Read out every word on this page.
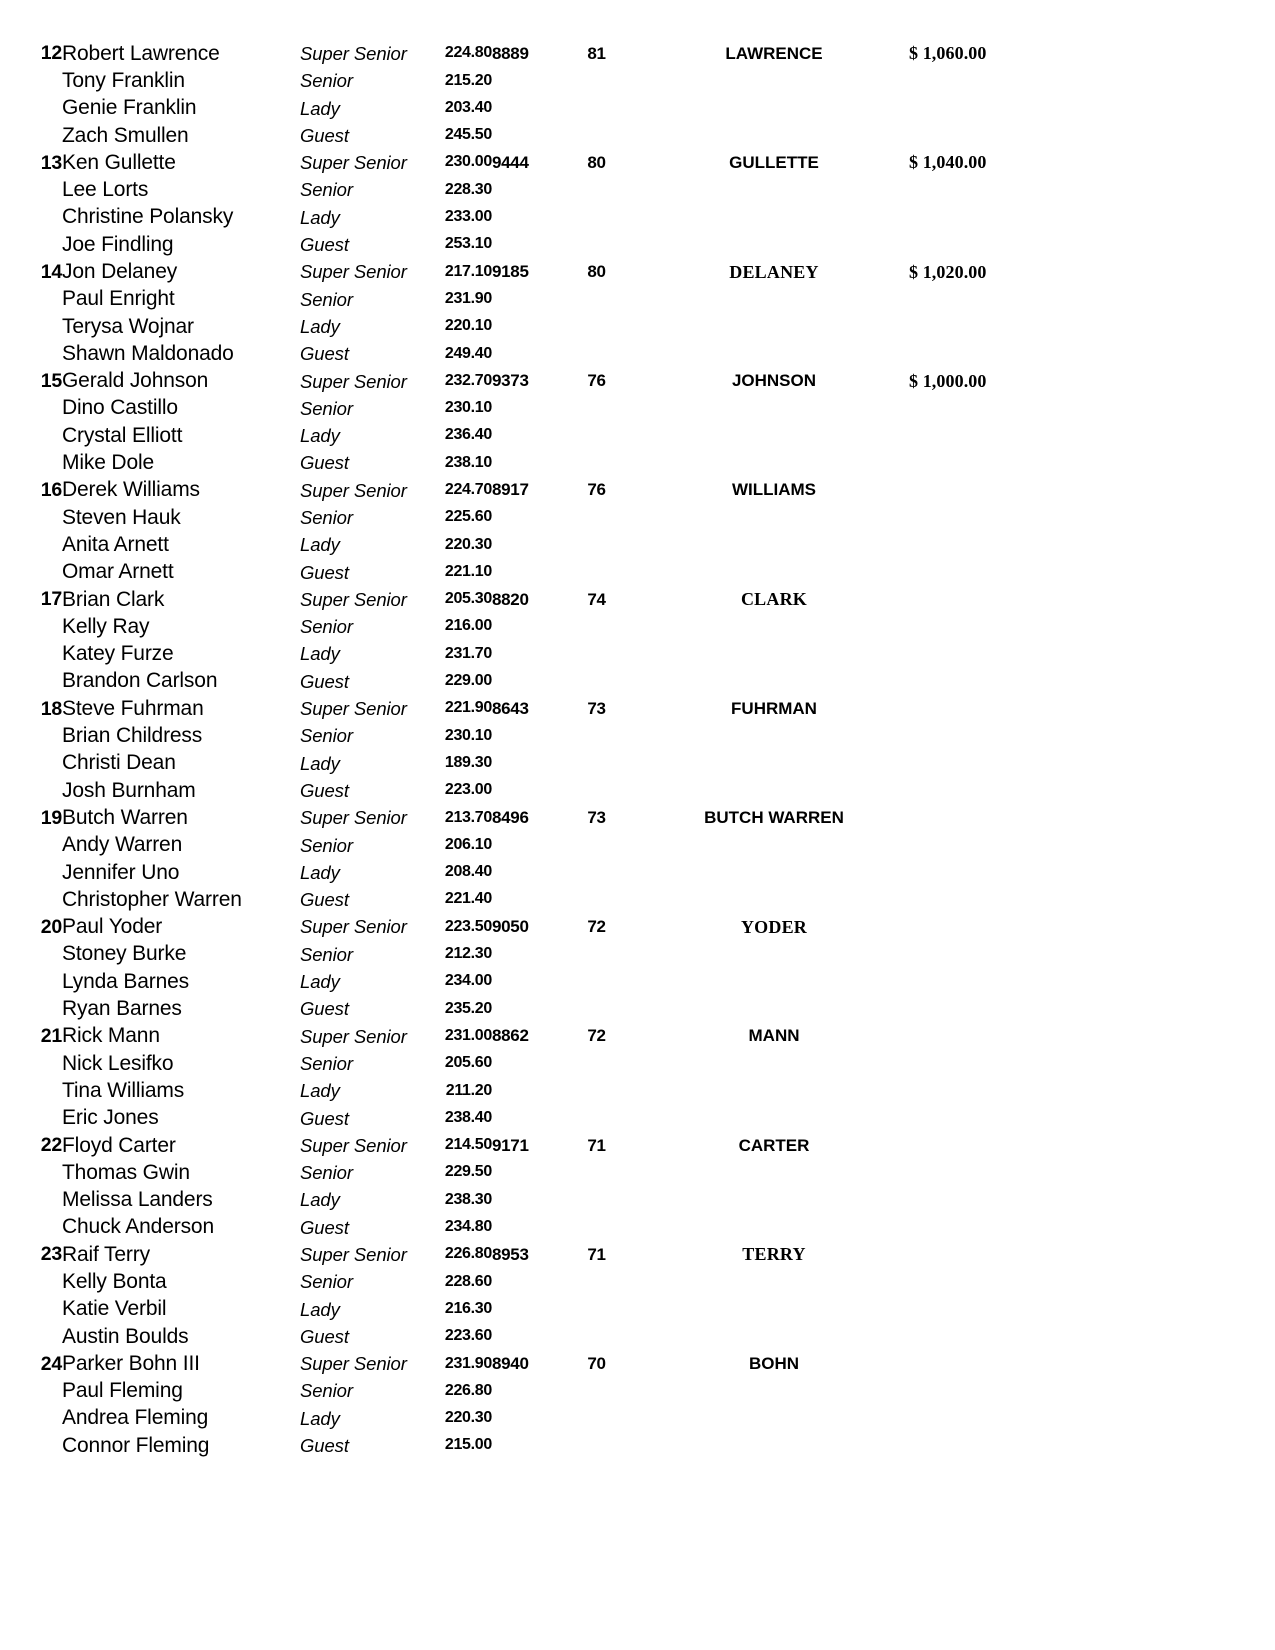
12	Robert Lawrence	Super Senior	224.80	8889	81	LAWRENCE	$ 1,060.00	
	Tony Franklin	Senior	215.20					
	Genie Franklin	Lady	203.40					
	Zach Smullen	Guest	245.50					
13	Ken Gullette	Super Senior	230.00	9444	80	GULLETTE	$ 1,040.00	
	Lee Lorts	Senior	228.30					
	Christine Polansky	Lady	233.00					
	Joe Findling	Guest	253.10					
14	Jon Delaney	Super Senior	217.10	9185	80	DELANEY	$ 1,020.00	
	Paul Enright	Senior	231.90					
	Terysa Wojnar	Lady	220.10					
	Shawn Maldonado	Guest	249.40					
15	Gerald Johnson	Super Senior	232.70	9373	76	JOHNSON	$ 1,000.00	
	Dino Castillo	Senior	230.10					
	Crystal Elliott	Lady	236.40					
	Mike Dole	Guest	238.10					
16	Derek Williams	Super Senior	224.70	8917	76	WILLIAMS		
	Steven Hauk	Senior	225.60					
	Anita Arnett	Lady	220.30					
	Omar Arnett	Guest	221.10					
17	Brian Clark	Super Senior	205.30	8820	74	CLARK		
	Kelly Ray	Senior	216.00					
	Katey Furze	Lady	231.70					
	Brandon Carlson	Guest	229.00					
18	Steve Fuhrman	Super Senior	221.90	8643	73	FUHRMAN		
	Brian Childress	Senior	230.10					
	Christi Dean	Lady	189.30					
	Josh Burnham	Guest	223.00					
19	Butch Warren	Super Senior	213.70	8496	73	BUTCH WARREN		
	Andy Warren	Senior	206.10					
	Jennifer Uno	Lady	208.40					
	Christopher Warren	Guest	221.40					
20	Paul Yoder	Super Senior	223.50	9050	72	YODER		
	Stoney Burke	Senior	212.30					
	Lynda Barnes	Lady	234.00					
	Ryan Barnes	Guest	235.20					
21	Rick Mann	Super Senior	231.00	8862	72	MANN		
	Nick Lesifko	Senior	205.60					
	Tina Williams	Lady	211.20					
	Eric Jones	Guest	238.40					
22	Floyd Carter	Super Senior	214.50	9171	71	CARTER		
	Thomas Gwin	Senior	229.50					
	Melissa Landers	Lady	238.30					
	Chuck Anderson	Guest	234.80					
23	Raif Terry	Super Senior	226.80	8953	71	TERRY		
	Kelly Bonta	Senior	228.60					
	Katie Verbil	Lady	216.30					
	Austin Boulds	Guest	223.60					
24	Parker Bohn III	Super Senior	231.90	8940	70	BOHN		
	Paul Fleming	Senior	226.80					
	Andrea Fleming	Lady	220.30					
	Connor Fleming	Guest	215.00					
